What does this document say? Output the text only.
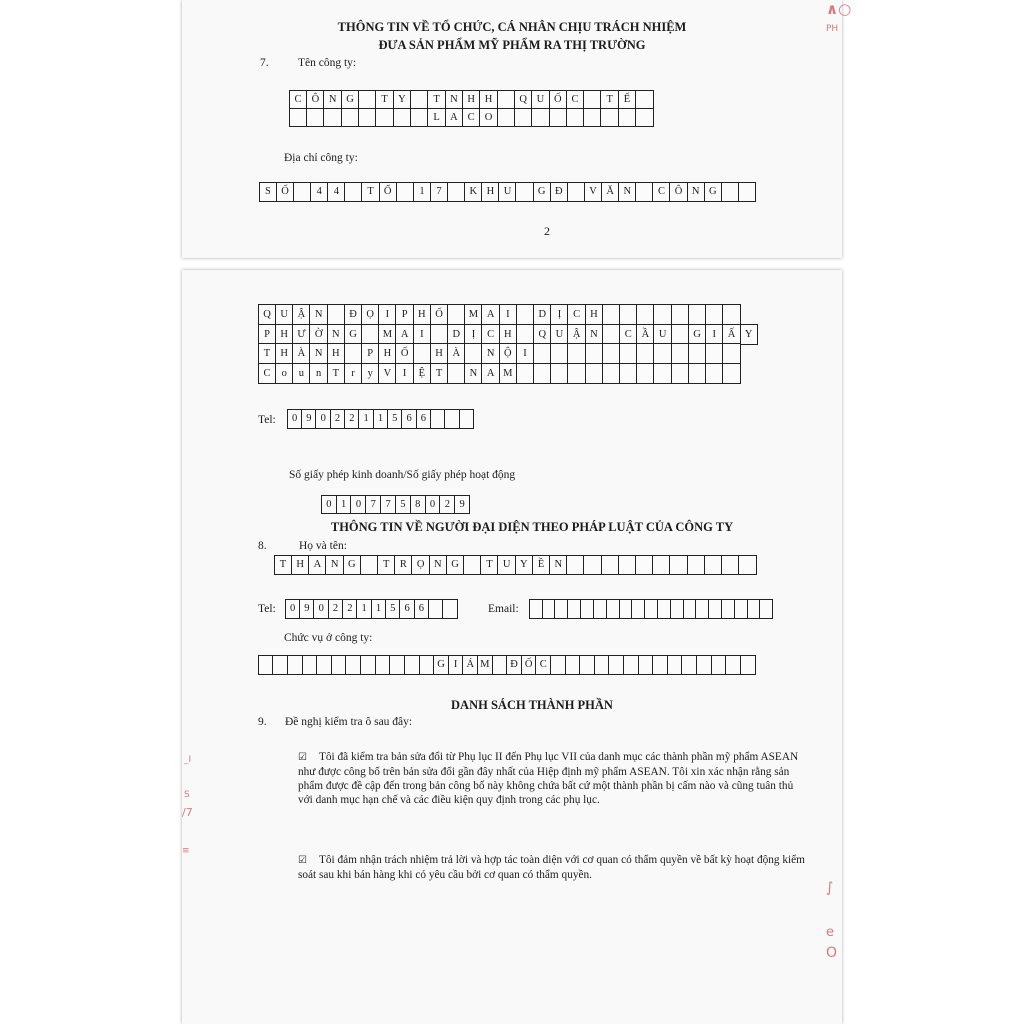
THÔNG TIN VỀ TỔ CHỨC, CÁ NHÂN CHỊU TRÁCH NHIỆM
ĐƯA SẢN PHẨM MỸ PHẨM RA THỊ TRƯỜNG
7.	Tên công ty:
C Ô N G	T Y	T N H H	Q U Ố C	T	Ế
L A C O
Địa chỉ công ty:
S Ố	4	4	T Ổ	1	7	K H U	G Đ	V Ă N	C Ô N G
2
Q U Ậ N	Đ Ọ	I	P H Ố	M A	I	D	Ị	C H
P H Ư Ờ N G	M A	I	D	Ị	C H	Q U Ậ N	C Ầ U	G	I	Ấ Y
T H À N H	P H Ố	H À	N Ộ	I
C	o	u	n	T	r	y	V	I	Ệ	T	N A M
Tel:	0 9 0 2 2 1 1 5 6 6
Số giấy phép kinh doanh/Số giấy phép hoạt động
0 1 0 7 7 5 8 0 2 9
THÔNG TIN VỀ NGƯỜI ĐẠI DIỆN THEO PHÁP LUẬT CỦA CÔNG TY
8.	Họ và tên:
T H A N G	T R Ọ N G	T U Y Ề N
Tel:	0 9 0 2 2 1 1 5 6 6	Email:
Chức vụ ở công ty:
G I Á M	Đ Ố C
DANH SÁCH THÀNH PHẦN
9. Đề nghị kiểm tra ô sau đây:
☑ Tôi đã kiểm tra bản sửa đổi từ Phụ lục II đến Phụ lục VII của danh mục các thành phần mỹ phẩm ASEAN như được công bố trên bản sửa đổi gần đây nhất của Hiệp định mỹ phẩm ASEAN. Tôi xin xác nhận rằng sản phẩm được đề cập đến trong bản công bố này không chứa bất cứ một thành phần bị cấm nào và cũng tuân thủ với danh mục hạn chế và các điều kiện quy định trong các phụ lục.
☑ Tôi đảm nhận trách nhiệm trả lời và hợp tác toàn diện với cơ quan có thẩm quyền về bất kỳ hoạt động kiểm soát sau khi bán hàng khi có yêu cầu bởi cơ quan có thẩm quyền.
∧○
PH
_I
S
/7
≡
∫
e
O
